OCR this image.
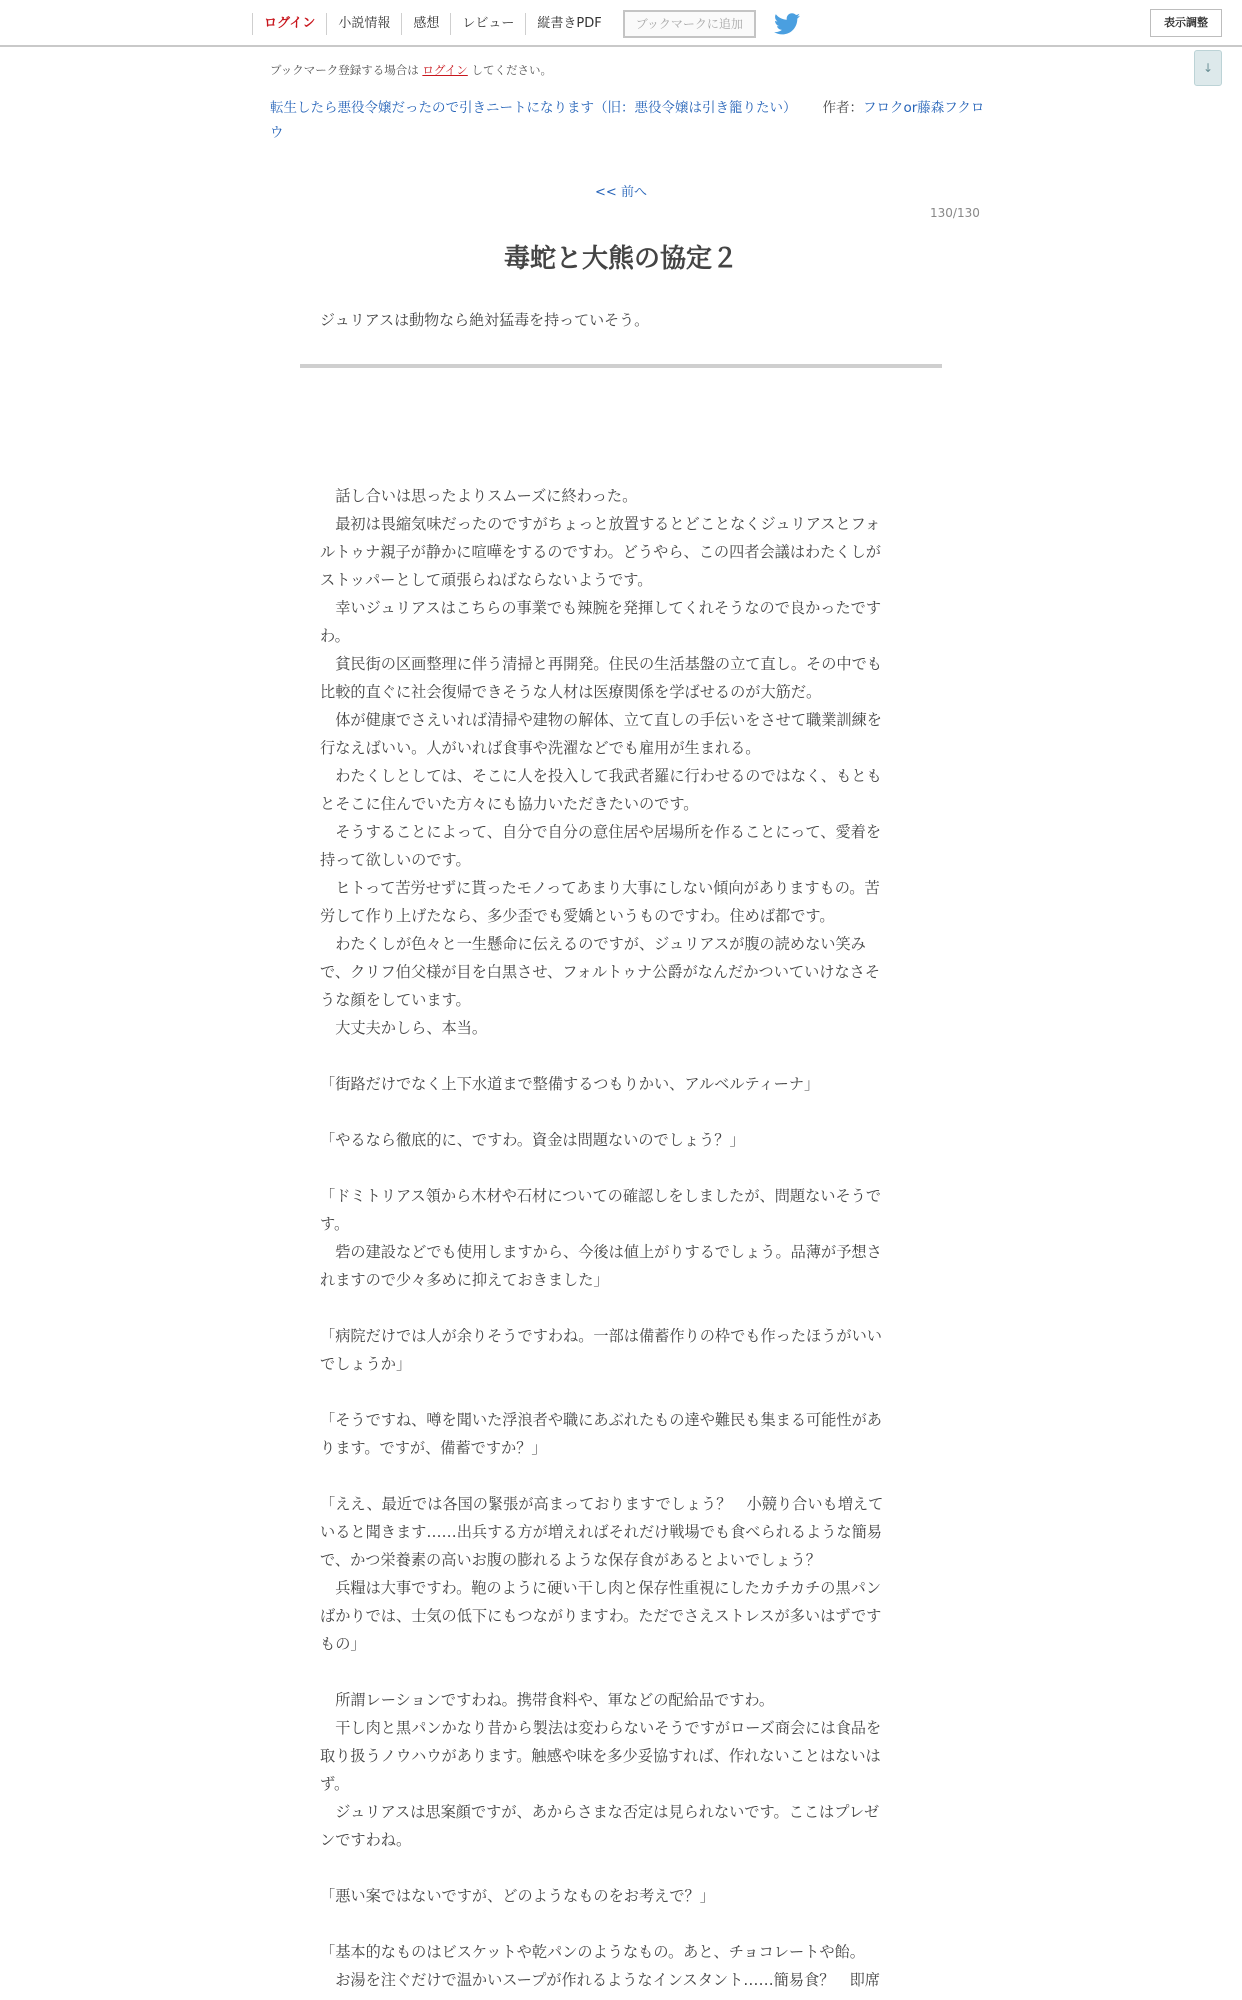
ログイン	小説情報	感想	レビュー	縦書きPDF	ブックマークに追加	表示調整
↓
ブックマーク登録する場合は ログイン してください。
転生したら悪役令嬢だったので引きニートになります（旧：悪役令嬢は引き籠りたい） 作者：フロクor藤森フクロウ
<< 前へ
130/130
毒蛇と大熊の協定２
ジュリアスは動物なら絶対猛毒を持っていそう。
　話し合いは思ったよりスムーズに終わった。
　最初は畏縮気味だったのですがちょっと放置するとどことなくジュリアスとフォ
ルトゥナ親子が静かに喧嘩をするのですわ。どうやら、この四者会議はわたくしが
ストッパーとして頑張らねばならないようです。
　幸いジュリアスはこちらの事業でも辣腕を発揮してくれそうなので良かったです
わ。
　貧民街の区画整理に伴う清掃と再開発。住民の生活基盤の立て直し。その中でも
比較的直ぐに社会復帰できそうな人材は医療関係を学ばせるのが大筋だ。
　体が健康でさえいれば清掃や建物の解体、立て直しの手伝いをさせて職業訓練を
行なえばいい。人がいれば食事や洗濯などでも雇用が生まれる。
　わたくしとしては、そこに人を投入して我武者羅に行わせるのではなく、もとも
とそこに住んでいた方々にも協力いただきたいのです。
　そうすることによって、自分で自分の意住居や居場所を作ることにって、愛着を
持って欲しいのです。
　ヒトって苦労せずに貰ったモノってあまり大事にしない傾向がありますもの。苦
労して作り上げたなら、多少歪でも愛嬌というものですわ。住めば都です。
　わたくしが色々と一生懸命に伝えるのですが、ジュリアスが腹の読めない笑み
で、クリフ伯父様が目を白黒させ、フォルトゥナ公爵がなんだかついていけなさそ
うな顔をしています。
　大丈夫かしら、本当。
「街路だけでなく上下水道まで整備するつもりかい、アルベルティーナ」
「やるなら徹底的に、ですわ。資金は問題ないのでしょう？」
「ドミトリアス領から木材や石材についての確認しをしましたが、問題ないそうで
す。
　砦の建設などでも使用しますから、今後は値上がりするでしょう。品薄が予想さ
れますので少々多めに抑えておきました」
「病院だけでは人が余りそうですわね。一部は備蓄作りの枠でも作ったほうがいい
でしょうか」
「そうですね、噂を聞いた浮浪者や職にあぶれたもの達や難民も集まる可能性があ
ります。ですが、備蓄ですか？」
「ええ、最近では各国の緊張が高まっておりますでしょう？　小競り合いも増えて
いると聞きます……出兵する方が増えればそれだけ戦場でも食べられるような簡易
で、かつ栄養素の高いお腹の膨れるような保存食があるとよいでしょう？
　兵糧は大事ですわ。鞄のように硬い干し肉と保存性重視にしたカチカチの黒パン
ばかりでは、士気の低下にもつながりますわ。ただでさえストレスが多いはずです
もの」
　所謂レーションですわね。携帯食料や、軍などの配給品ですわ。
　干し肉と黒パンかなり昔から製法は変わらないそうですがローズ商会には食品を
取り扱うノウハウがあります。触感や味を多少妥協すれば、作れないことはないは
ず。
　ジュリアスは思案顔ですが、あからさまな否定は見られないです。ここはプレゼ
ンですわね。
「悪い案ではないですが、どのようなものをお考えで？」
「基本的なものはビスケットや乾パンのようなもの。あと、チョコレートや飴。
　お湯を注ぐだけで温かいスープが作れるようなインスタント……簡易食？　即席
